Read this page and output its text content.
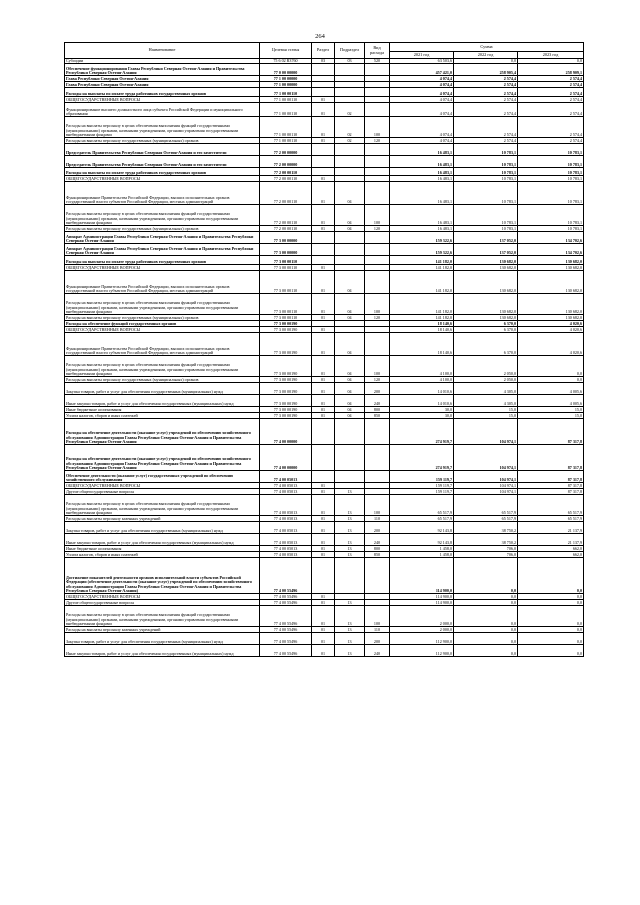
264
Наименование	Целевая статья	Раздел	Подраздел	Вид расхода	Сумма		
					2021 год	2022 год	2023 год
Субсидии	75 6 02 R3760	03	03	520	63 503,6	0,0	0,0
Обеспечение функционирования Главы Республики Северная Осетия-Алания и Правительства Республики Северная Осетия-Алания	77 0 00 00000				457 421,0	258 905,4	258 909,1
Глава Республики Северная Осетия-Алания	77 1 00 00000				4 074,4	2 574,4	2 574,4
Глава Республики Северная Осетия-Алания	77 1 00 00000				4 074,4	2 574,4	2 574,4
Расходы на выплаты по оплате труда работников государственных органов	77 1 00 00110				4 074,4	2 574,4	2 574,4
ОБЩЕГОСУДАРСТВЕННЫЕ ВОПРОСЫ	77 1 00 00110	01			4 074,4	2 574,4	2 574,4
Функционирование высшего должностного лица субъекта Российской Федерации и муниципального образования	77 1 00 00110	01	02		4 074,4	2 574,4	2 574,4
Расходы на выплаты персоналу в целях обеспечения выполнения функций государственными (муниципальными) органами, казенными учреждениями, органами управления государственными внебюджетными фондами	77 1 00 00110	01	02	100	4 074,4	2 574,4	2 574,4
Расходы на выплаты персоналу государственных (муниципальных) органов	77 1 00 00110	01	02	120	4 074,4	2 574,4	2 574,4
Председатель Правительства Республики Северная Осетия-Алания и его заместители	77 2 00 00000				16 483,1	10 783,1	10 783,1
Председатель Правительства Республики Северная Осетия-Алания и его заместители	77 2 00 00000				16 483,1	10 783,1	10 783,1
Расходы на выплаты по оплате труда работников государственных органов	77 2 00 00110				16 483,1	10 783,1	10 783,1
ОБЩЕГОСУДАРСТВЕННЫЕ ВОПРОСЫ	77 2 00 00110	01			16 483,1	10 783,1	10 783,1
Функционирование Правительства Российской Федерации, высших исполнительных органов государственной власти субъектов Российской Федерации, местных администраций	77 2 00 00110	01	04		16 483,1	10 783,1	10 783,1
Расходы на выплаты персоналу в целях обеспечения выполнения функций государственными (муниципальными) органами, казенными учреждениями, органами управления государственными внебюджетными фондами	77 2 00 00110	01	04	100	16 483,1	10 783,1	10 783,1
Расходы на выплаты персоналу государственных (муниципальных) органов	77 2 00 00110	01	04	120	16 483,1	10 783,1	10 783,1
Аппарат Администрации Главы Республики Северная Осетия-Алания и Правительства Республики Северная Осетия-Алания	77 3 00 00000				159 322,6	137 052,0	134 702,6
Аппарат Администрации Главы Республики Северная Осетия-Алания и Правительства Республики Северная Осетия-Алания	77 3 00 00000				159 322,6	137 052,0	134 702,6
Расходы на выплаты по оплате труда работников государственных органов	77 3 00 00110				141 182,0	130 682,0	130 682,0
ОБЩЕГОСУДАРСТВЕННЫЕ ВОПРОСЫ	77 3 00 00110	01			141 182,0	130 682,0	130 682,0
Функционирование Правительства Российской Федерации, высших исполнительных органов государственной власти субъектов Российской Федерации, местных администраций	77 3 00 00110	01	04		141 182,0	130 682,0	130 682,0
Расходы на выплаты персоналу в целях обеспечения выполнения функций государственными (муниципальными) органами, казенными учреждениями, органами управления государственными внебюджетными фондами	77 3 00 00110	01	04	100	141 182,0	130 682,0	130 682,0
Расходы на выплаты персоналу государственных (муниципальных) органов	77 3 00 00110	01	04	120	141 182,0	130 682,0	130 682,0
Расходы на обеспечение функций государственных органов	77 3 00 00190				18 140,6	6 370,0	4 020,6
ОБЩЕГОСУДАРСТВЕННЫЕ ВОПРОСЫ	77 3 00 00190	01			18 140,6	6 370,0	4 020,6
Функционирование Правительства Российской Федерации, высших исполнительных органов государственной власти субъектов Российской Федерации, местных администраций	77 3 00 00190	01	04		18 140,6	6 370,0	4 020,6
Расходы на выплаты персоналу в целях обеспечения выполнения функций государственными (муниципальными) органами, казенными учреждениями, органами управления государственными внебюджетными фондами	77 3 00 00190	01	04	100	4 100,0	2 050,0	0,0
Расходы на выплаты персоналу государственных (муниципальных) органов	77 3 00 00190	01	04	120	4 100,0	2 050,0	0,0
Закупка товаров, работ и услуг для обеспечения государственных (муниципальных) нужд	77 3 00 00190	01	04	200	14 010,6	4 305,0	4 005,6
Иные закупки товаров, работ и услуг для обеспечения государственных (муниципальных) нужд	77 3 00 00190	01	04	240	14 010,6	4 305,0	4 005,6
Иные бюджетные ассигнования	77 3 00 00190	01	04	800	30,0	15,0	15,0
Уплата налогов, сборов и иных платежей	77 3 00 00190	01	04	850	30,0	15,0	15,0
Расходы на обеспечение деятельности (оказание услуг) учреждений по обеспечению хозяйственного обслуживания Администрации Главы Республики Северная Осетия-Алания и Правительства Республики Северная Осетия-Алания	77 4 00 00000				274 919,7	104 974,1	87 317,8
Расходы на обеспечение деятельности (оказание услуг) учреждений по обеспечению хозяйственного обслуживания Администрации Главы Республики Северная Осетия-Алания и Правительства Республики Северная Осетия-Алания	77 4 00 00000				274 919,7	104 974,1	87 317,8
Обеспечение деятельности (оказание услуг) государственных учреждений по обеспечению хозяйственного обслуживания	77 4 00 05013				159 119,7	104 974,1	87 317,8
ОБЩЕГОСУДАРСТВЕННЫЕ ВОПРОСЫ	77 4 00 05013	01			159 119,7	104 974,1	87 317,8
Другие общегосударственные вопросы	77 4 00 05013	01	13		159 119,7	104 974,1	87 317,8
Расходы на выплаты персоналу в целях обеспечения выполнения функций государственными (муниципальными) органами, казенными учреждениями, органами управления государственными внебюджетными фондами	77 4 00 05013	01	13	100	65 517,9	65 517,9	65 517,9
Расходы на выплаты персоналу казенных учреждений	77 4 00 05013	01	13	110	65 517,9	65 517,9	65 517,9
Закупка товаров, работ и услуг для обеспечения государственных (муниципальных) нужд	77 4 00 05013	01	13	200	92 143,8	38 750,2	21 137,9
Иные закупки товаров, работ и услуг для обеспечения государственных (муниципальных) нужд	77 4 00 05013	01	13	240	92 143,8	38 750,2	21 137,9
Иные бюджетные ассигнования	77 4 00 05013	01	13	800	1 458,0	706,0	662,0
Уплата налогов, сборов и иных платежей	77 4 00 05013	01	13	850	1 458,0	706,0	662,0
Достижение показателей деятельности органов исполнительной власти субъектов Российской Федерации (обеспечение деятельности (оказание услуг) учреждений по обеспечению хозяйственного обслуживания Администрации Главы Республики Северная Осетия-Алания и Правительства Республики Северная Осетия-Алания)	77 4 00 55496				114 900,0	0,0	0,0
ОБЩЕГОСУДАРСТВЕННЫЕ ВОПРОСЫ	77 4 00 55496	01			114 900,0	0,0	0,0
Другие общегосударственные вопросы	77 4 00 55496	01	13		114 900,0	0,0	0,0
Расходы на выплаты персоналу в целях обеспечения выполнения функций государственными (муниципальными) органами, казенными учреждениями, органами управления государственными внебюджетными фондами	77 4 00 55496	01	13	100	2 000,0	0,0	0,0
Расходы на выплаты персоналу казенных учреждений	77 4 00 55496	01	13	110	2 000,0	0,0	0,0
Закупка товаров, работ и услуг для обеспечения государственных (муниципальных) нужд	77 4 00 55496	01	13	200	112 900,0	0,0	0,0
Иные закупки товаров, работ и услуг для обеспечения государственных (муниципальных) нужд	77 4 00 55496	01	13	240	112 900,0	0,0	0,0
